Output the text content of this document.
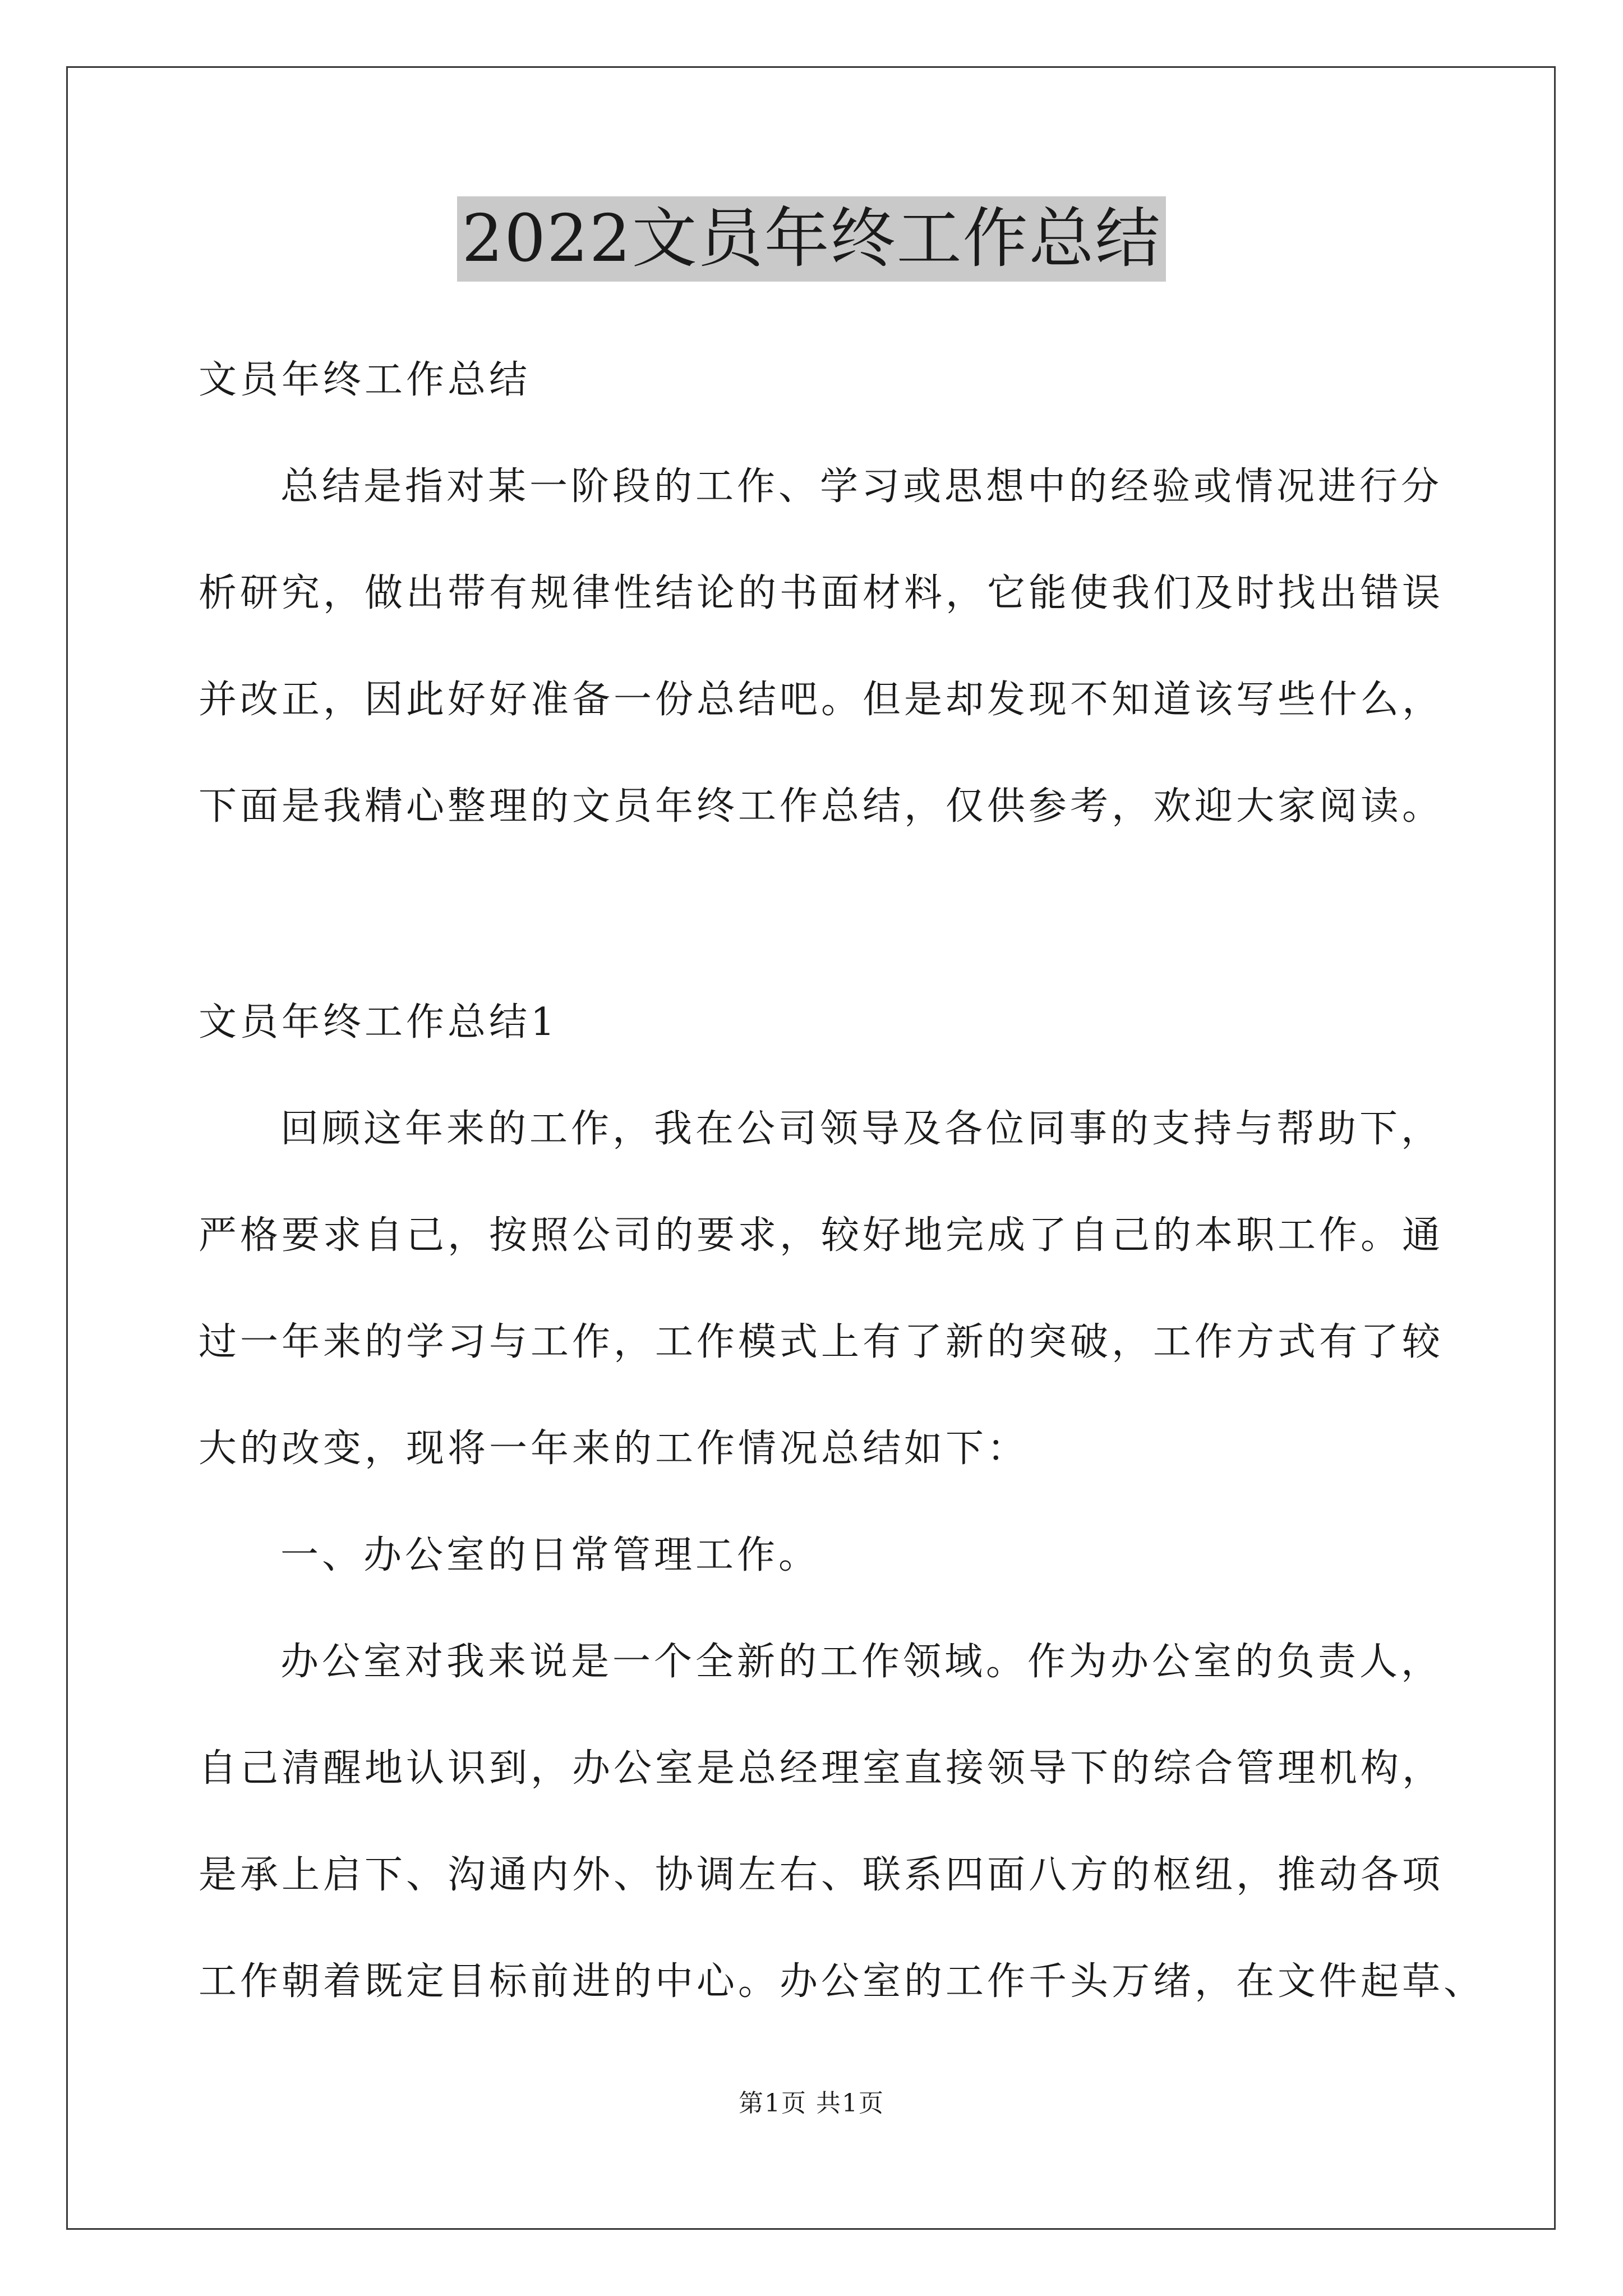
2022文员年终工作总结
文员年终工作总结
总结是指对某一阶段的工作、学习或思想中的经验或情况进行分
析研究，做出带有规律性结论的书面材料，它能使我们及时找出错误
并改正，因此好好准备一份总结吧。但是却发现不知道该写些什么，
下面是我精心整理的文员年终工作总结，仅供参考，欢迎大家阅读。
文员年终工作总结1
回顾这年来的工作，我在公司领导及各位同事的支持与帮助下，
严格要求自己，按照公司的要求，较好地完成了自己的本职工作。通
过一年来的学习与工作，工作模式上有了新的突破，工作方式有了较
大的改变，现将一年来的工作情况总结如下：
一、办公室的日常管理工作。
办公室对我来说是一个全新的工作领域。作为办公室的负责人，
自己清醒地认识到，办公室是总经理室直接领导下的综合管理机构，
是承上启下、沟通内外、协调左右、联系四面八方的枢纽，推动各项
工作朝着既定目标前进的中心。办公室的工作千头万绪，在文件起草、
第1页 共1页
